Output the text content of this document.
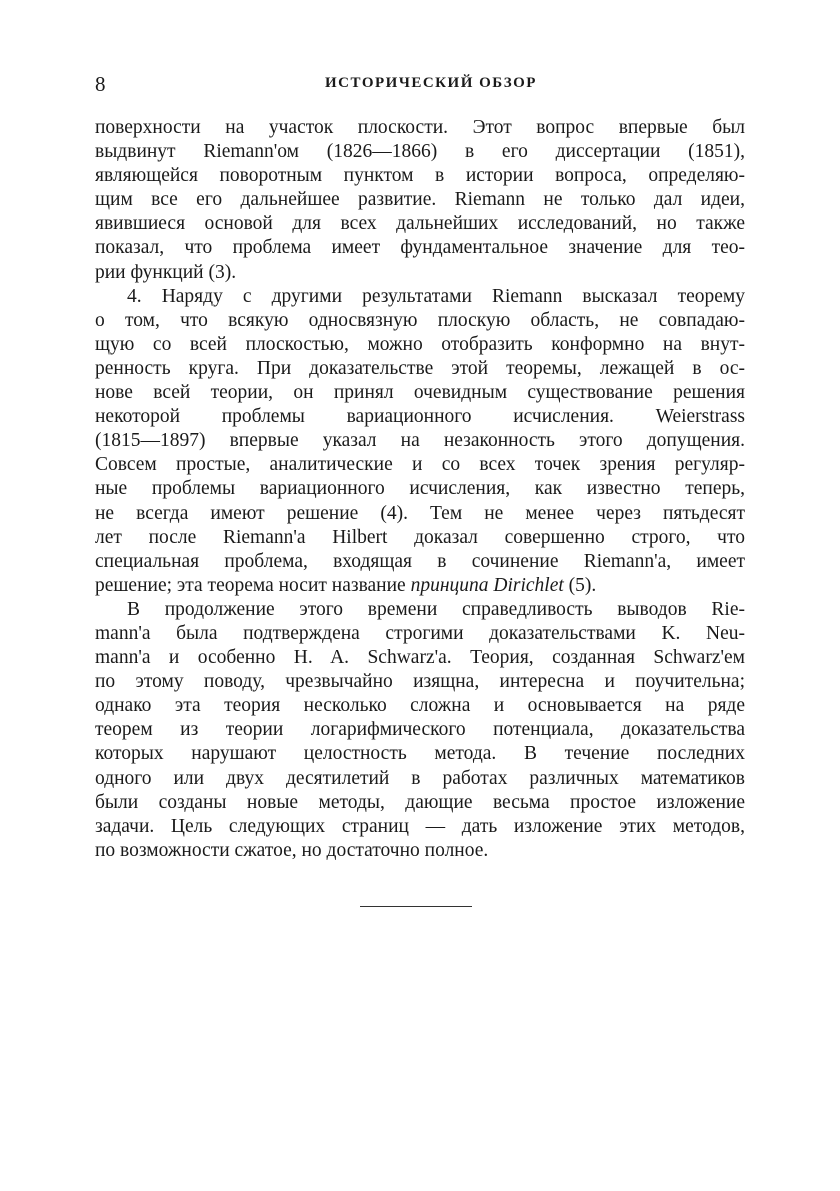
8	ИСТОРИЧЕСКИЙ ОБЗОР
поверхности на участок плоскости. Этот вопрос впервые был
выдвинут Riemann'ом (1826—1866) в его диссертации (1851),
являющейся поворотным пунктом в истории вопроса, определяю-
щим все его дальнейшее развитие. Riemann не только дал идеи,
явившиеся основой для всех дальнейших исследований, но также
показал, что проблема имеет фундаментальное значение для тео-
рии функций (3).
4. Наряду с другими результатами Riemann высказал теорему
о том, что всякую односвязную плоскую область, не совпадаю-
щую со всей плоскостью, можно отобразить конформно на внут-
ренность круга. При доказательстве этой теоремы, лежащей в ос-
нове всей теории, он принял очевидным существование решения
некоторой проблемы вариационного исчисления. Weierstrass
(1815—1897) впервые указал на незаконность этого допущения.
Совсем простые, аналитические и со всех точек зрения регуляр-
ные проблемы вариационного исчисления, как известно теперь,
не всегда имеют решение (4). Тем не менее через пятьдесят
лет после Riemann'а Hilbert доказал совершенно строго, что
специальная проблема, входящая в сочинение Riemann'а, имеет
решение; эта теорема носит название принципа Dirichlet (5).
В продолжение этого времени справедливость выводов Rie-
mann'а была подтверждена строгими доказательствами K. Neu-
mann'а и особенно H. A. Schwarz'а. Теория, созданная Schwarz'ем
по этому поводу, чрезвычайно изящна, интересна и поучительна;
однако эта теория несколько сложна и основывается на ряде
теорем из теории логарифмического потенциала, доказательства
которых нарушают целостность метода. В течение последних
одного или двух десятилетий в работах различных математиков
были созданы новые методы, дающие весьма простое изложение
задачи. Цель следующих страниц — дать изложение этих методов,
по возможности сжатое, но достаточно полное.
